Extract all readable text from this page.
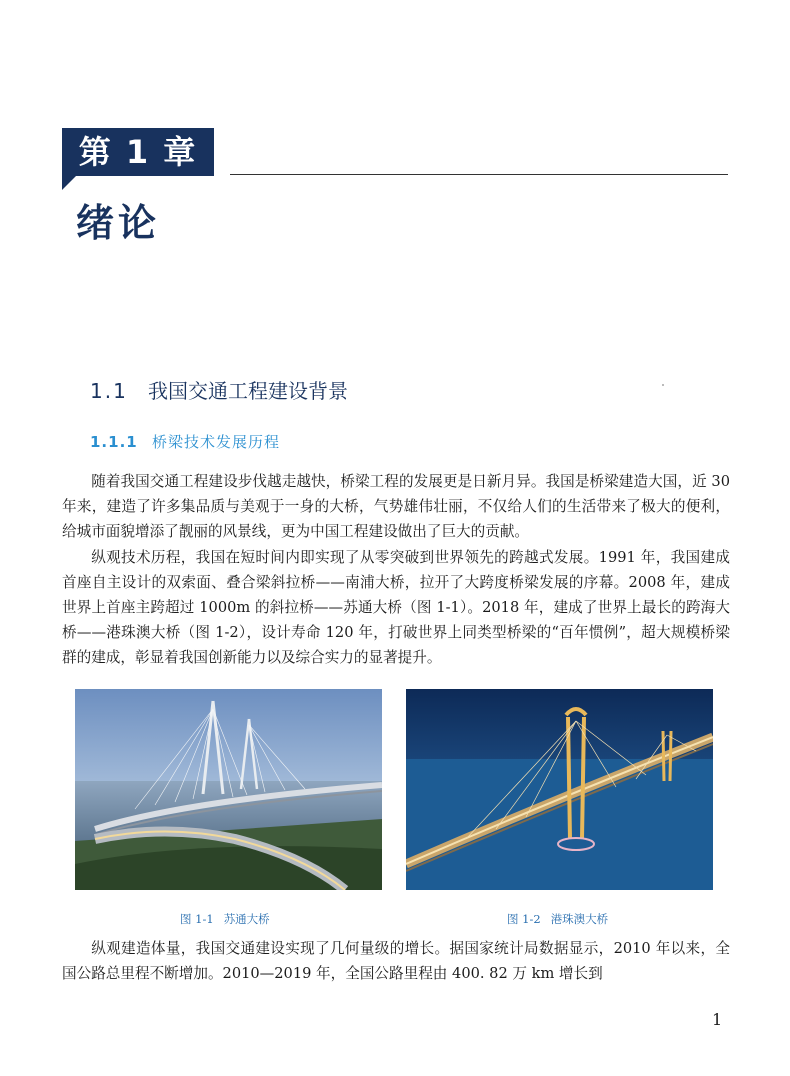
第 1 章
绪论
1.1 我国交通工程建设背景
1.1.1 桥梁技术发展历程

随着我国交通工程建设步伐越走越快，桥梁工程的发展更是日新月异。我国是桥梁建造大国，近 30 年来，建造了许多集品质与美观于一身的大桥，气势雄伟壮丽，不仅给人们的生活带来了极大的便利，给城市面貌增添了靓丽的风景线，更为中国工程建设做出了巨大的贡献。

纵观技术历程，我国在短时间内即实现了从零突破到世界领先的跨越式发展。1991 年，我国建成首座自主设计的双索面、叠合梁斜拉桥——南浦大桥，拉开了大跨度桥梁发展的序幕。2008 年，建成世界上首座主跨超过 1000m 的斜拉桥——苏通大桥（图 1-1）。2018 年，建成了世界上最长的跨海大桥——港珠澳大桥（图 1-2），设计寿命 120 年，打破世界上同类型桥梁的“百年惯例”，超大规模桥梁群的建成，彰显着我国创新能力以及综合实力的显著提升。

图 1-1 苏通大桥	图 1-2 港珠澳大桥

纵观建造体量，我国交通建设实现了几何量级的增长。据国家统计局数据显示，2010 年以来，全国公路总里程不断增加。2010—2019 年，全国公路里程由 400. 82 万 km 增长到

1
